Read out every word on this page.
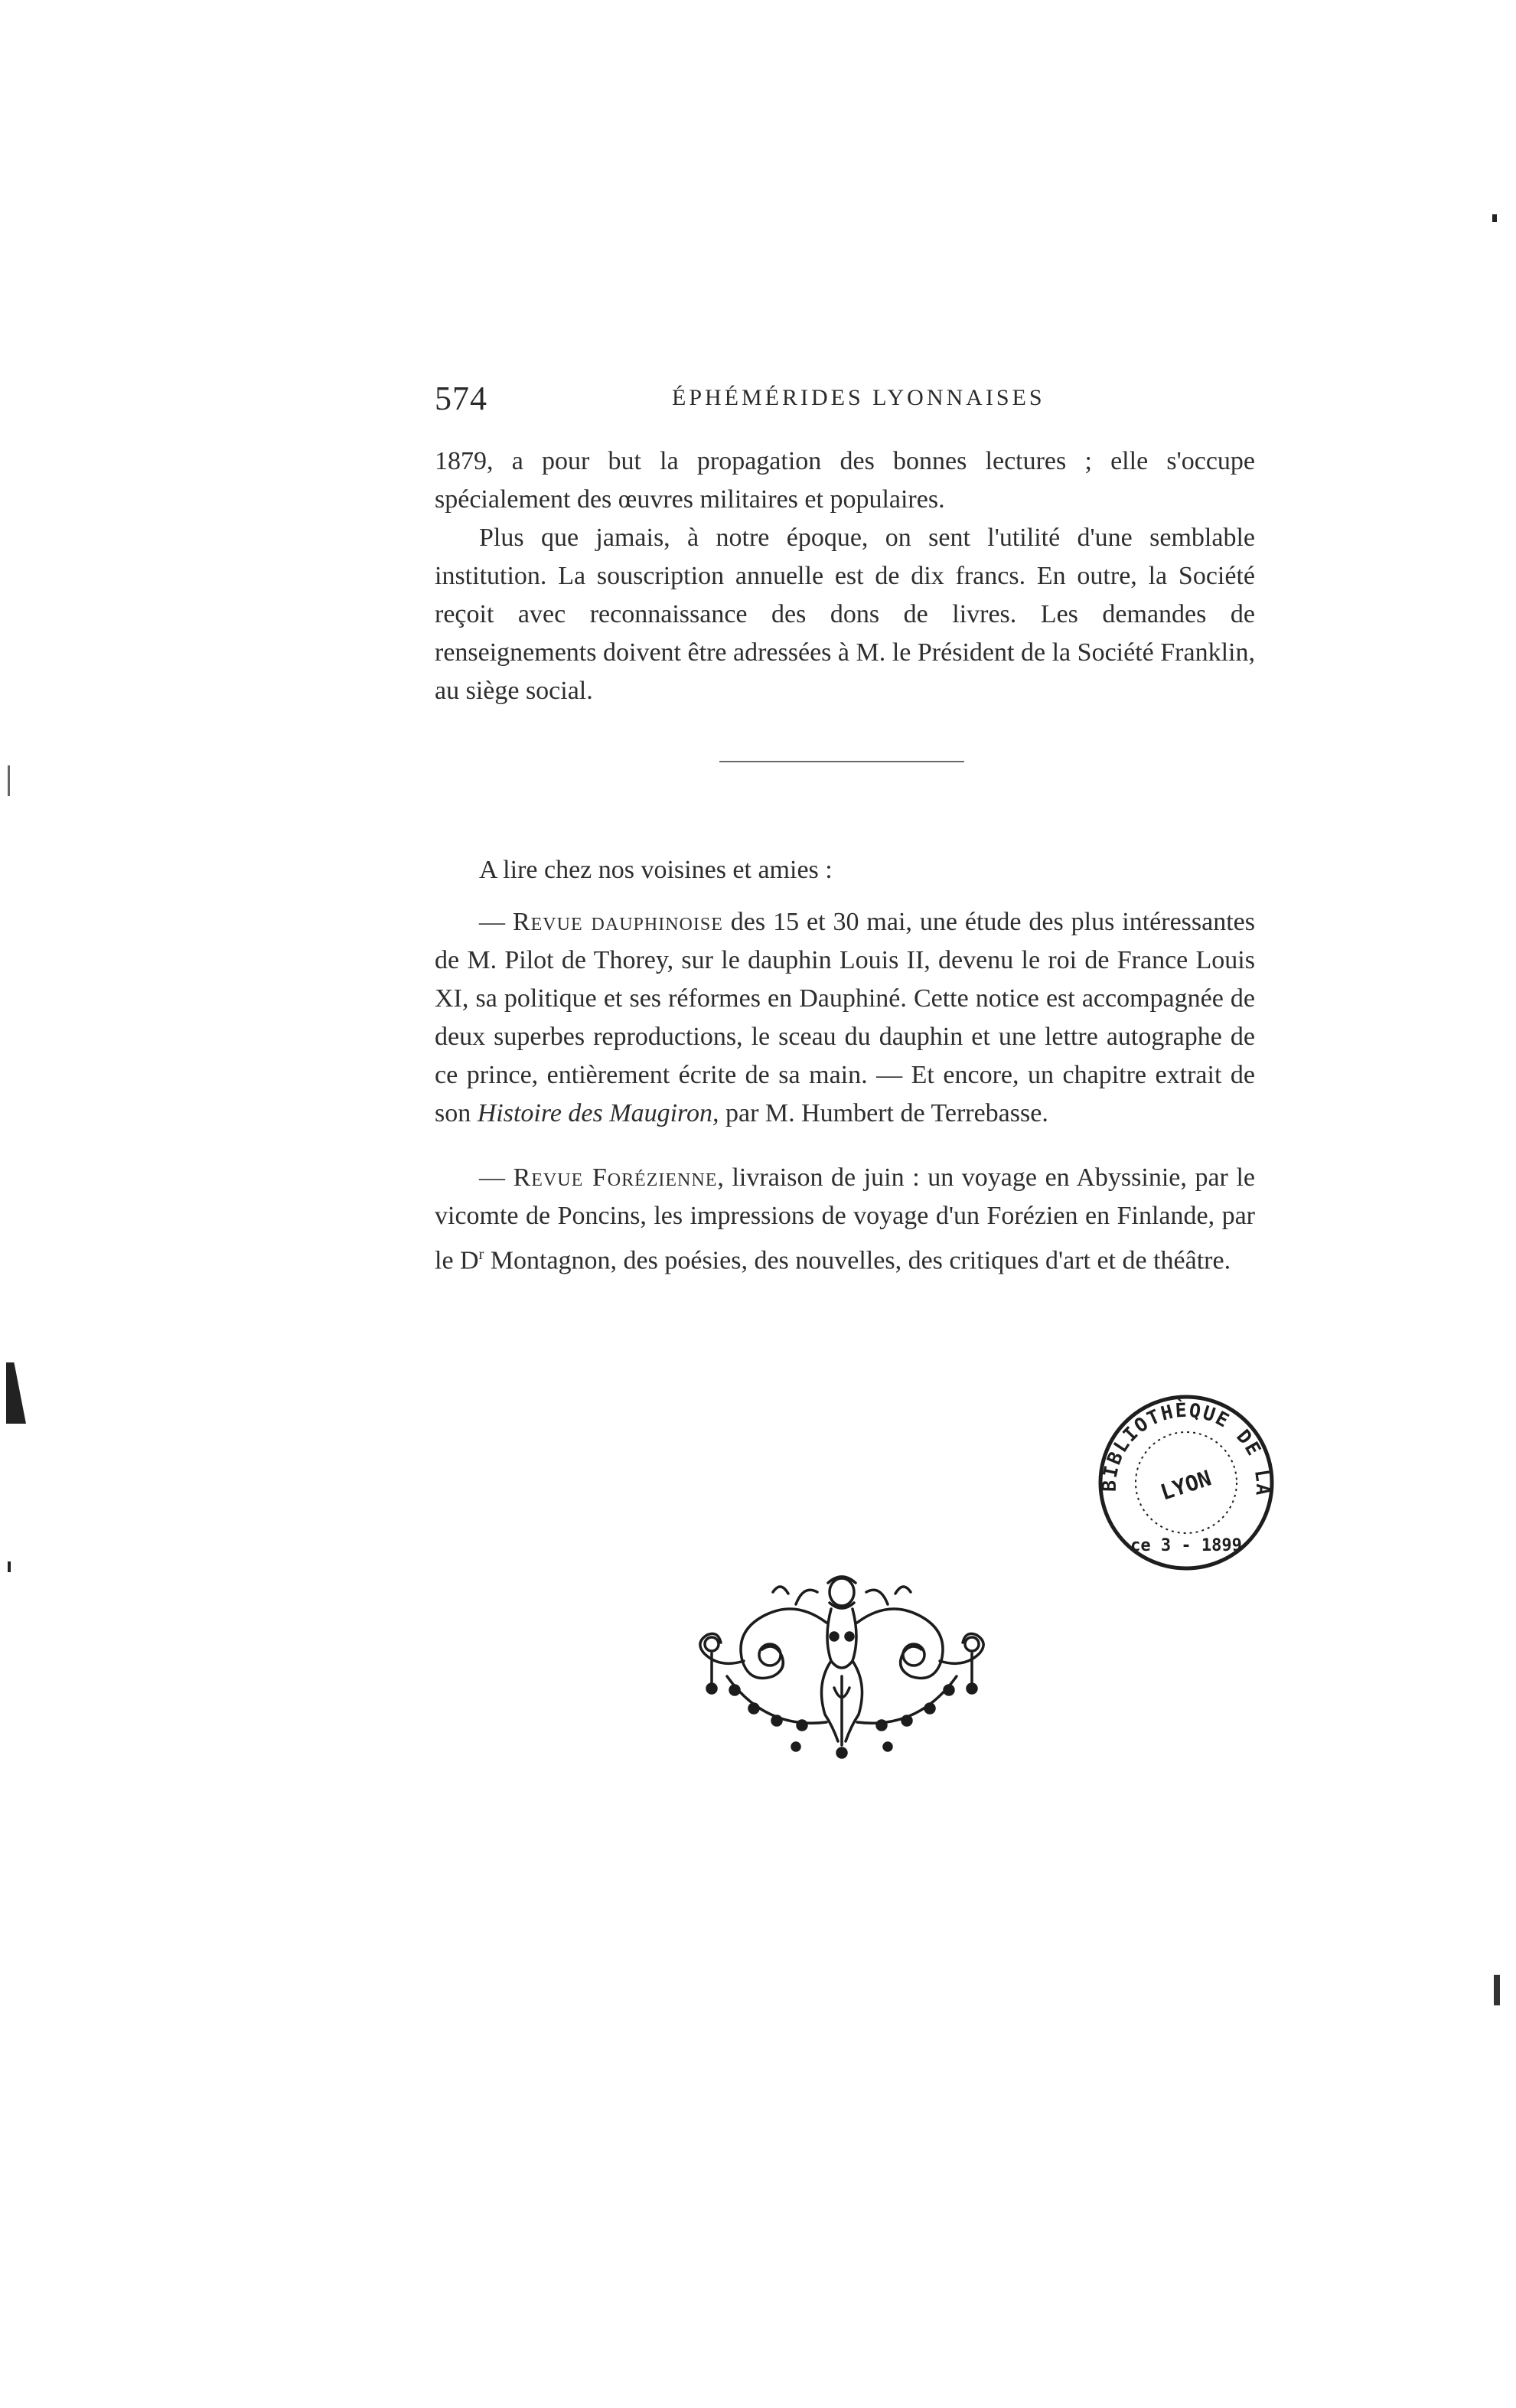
574	ÉPHÉMÉRIDES LYONNAISES

1879, a pour but la propagation des bonnes lectures ; elle s'occupe spécialement des œuvres militaires et populaires.

Plus que jamais, à notre époque, on sent l'utilité d'une semblable institution. La souscription annuelle est de dix francs. En outre, la Société reçoit avec reconnaissance des dons de livres. Les demandes de renseignements doivent être adressées à M. le Président de la Société Franklin, au siège social.

A lire chez nos voisines et amies :

— Revue dauphinoise des 15 et 30 mai, une étude des plus intéressantes de M. Pilot de Thorey, sur le dauphin Louis II, devenu le roi de France Louis XI, sa politique et ses réformes en Dauphiné. Cette notice est accompagnée de deux superbes reproductions, le sceau du dauphin et une lettre autographe de ce prince, entièrement écrite de sa main. — Et encore, un chapitre extrait de son Histoire des Maugiron, par M. Humbert de Terrebasse.

— Revue Forézienne, livraison de juin : un voyage en Abyssinie, par le vicomte de Poncins, les impressions de voyage d'un Forézien en Finlande, par le $D^r$ Montagnon, des poésies, des nouvelles, des critiques d'art et de théâtre.

BIBLIOTHÈQUE DE LA
LYON
ce 3 - 1899
